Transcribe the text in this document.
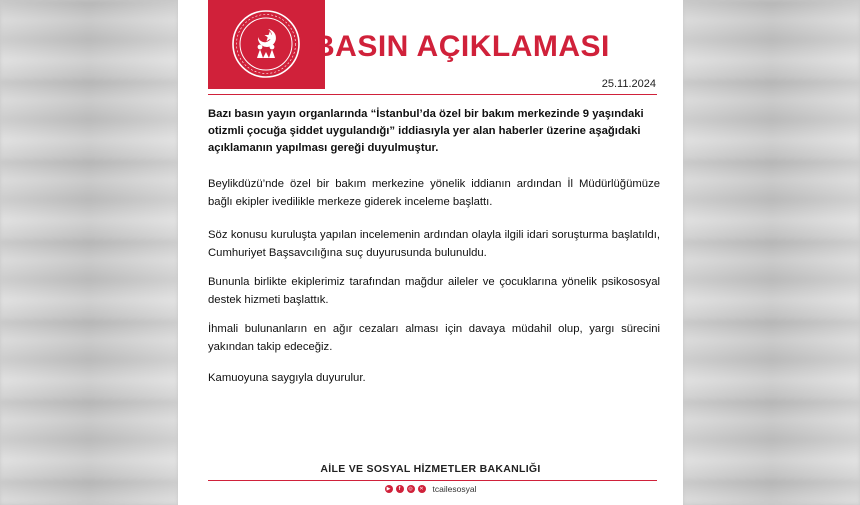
BASIN AÇIKLAMASI
25.11.2024
Bazı basın yayın organlarında “İstanbul’da özel bir bakım merkezinde 9 yaşındaki otizmli çocuğa şiddet uygulandığı” iddiasıyla yer alan haberler üzerine aşağıdaki açıklamanın yapılması gereği duyulmuştur.
Beylikdüzü’nde özel bir bakım merkezine yönelik iddianın ardından İl Müdürlüğümüze bağlı ekipler ivedilikle merkeze giderek inceleme başlattı.
Söz konusu kuruluşta yapılan incelemenin ardından olayla ilgili idari soruşturma başlatıldı, Cumhuriyet Başsavcılığına suç duyurusunda bulunuldu.
Bununla birlikte ekiplerimiz tarafından mağdur aileler ve çocuklarına yönelik psikososyal destek hizmeti başlattık.
İhmali bulunanların en ağır cezaları alması için davaya müdahil olup, yargı sürecini yakından takip edeceğiz.
Kamuoyuna saygıyla duyurulur.
AİLE VE SOSYAL HİZMETLER BAKANLIĞI
▶	f	◎	✕ tcailesosyal
